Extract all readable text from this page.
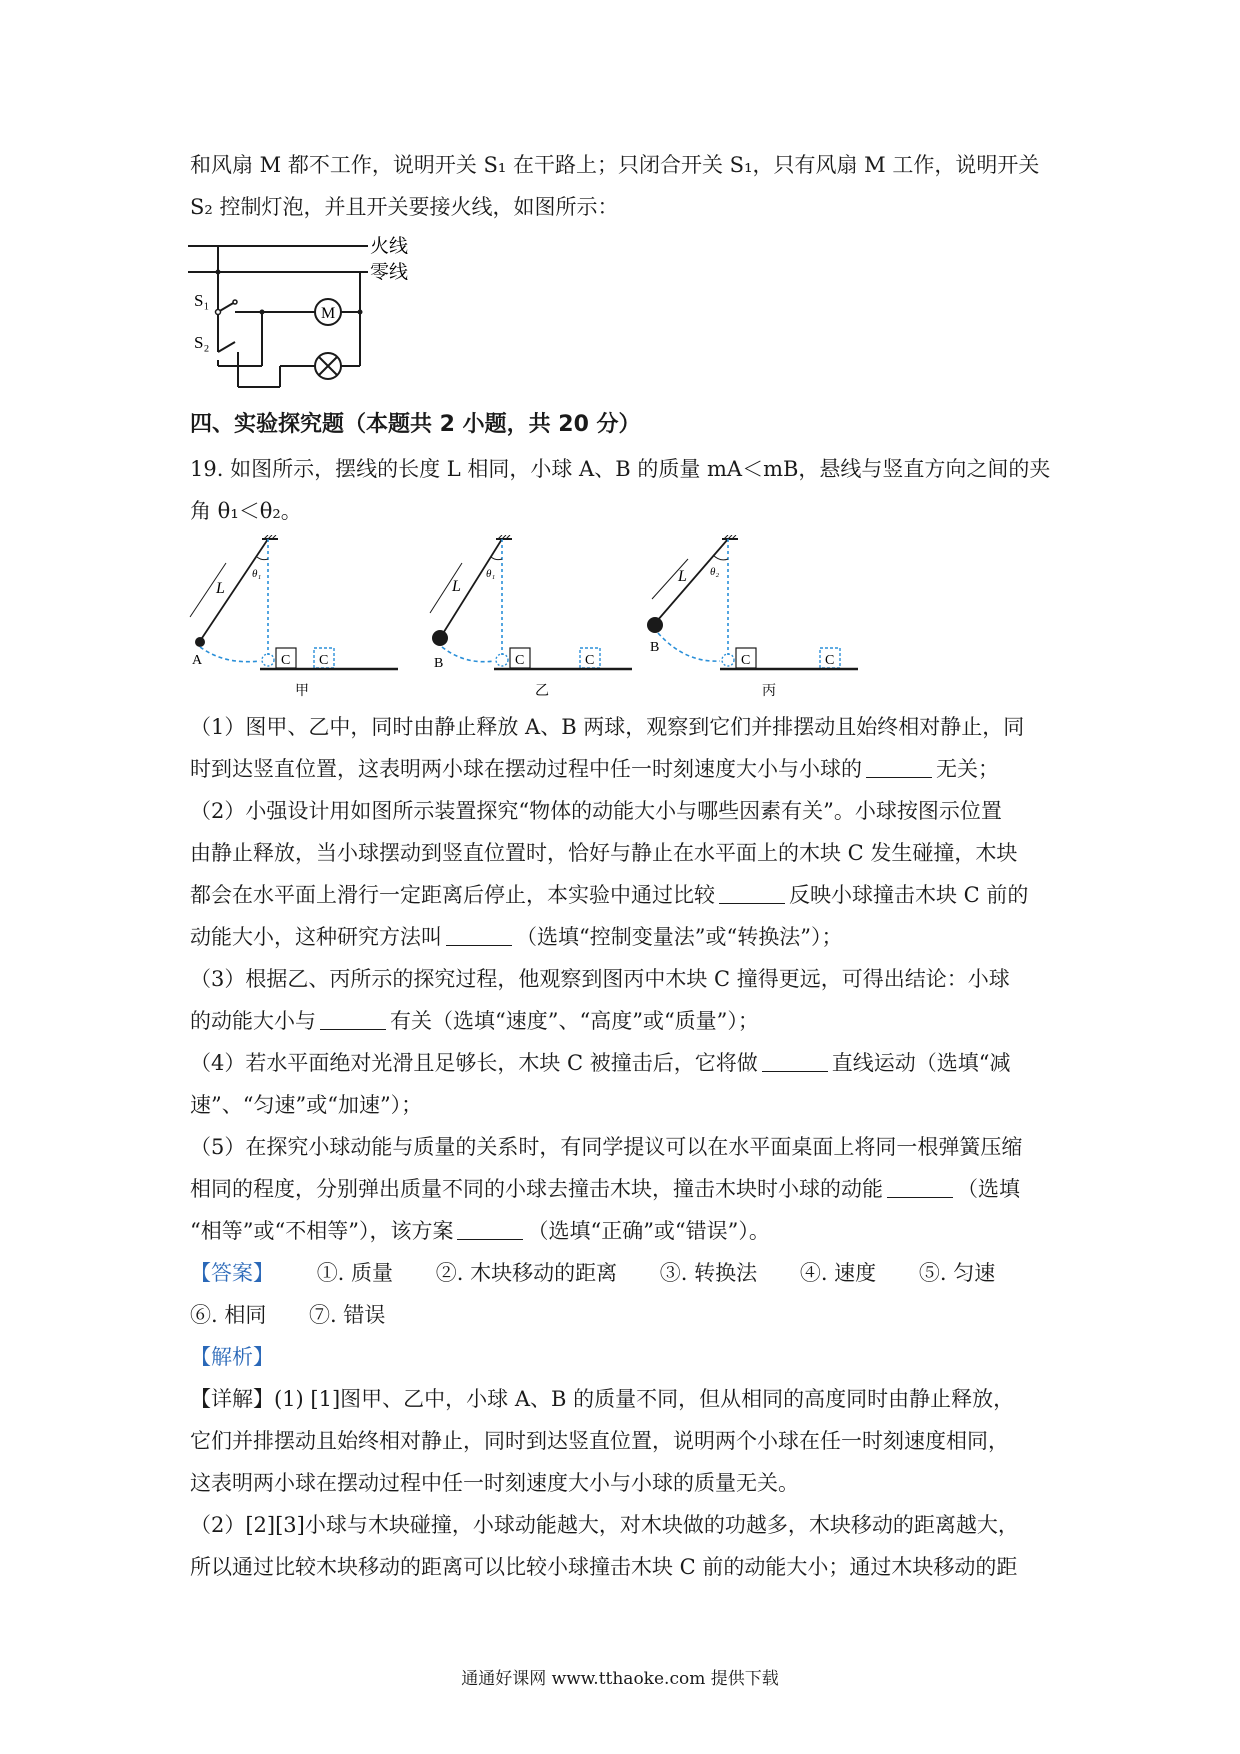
和风扇 M 都不工作，说明开关 S₁ 在干路上；只闭合开关 S₁，只有风扇 M 工作，说明开关
S₂ 控制灯泡，并且开关要接火线，如图所示：
火线
零线
S₁
S₂
M
四、实验探究题（本题共 2 小题，共 20 分）
19. 如图所示，摆线的长度 L 相同，小球 A、B 的质量 mA＜mB，悬线与竖直方向之间的夹
角 θ₁＜θ₂。
L
θ₁
A	C C
甲
L
θ₁
B	C	C
乙
L θ₂
B
C	C
丙
（1）图甲、乙中，同时由静止释放 A、B 两球，观察到它们并排摆动且始终相对静止，同
时到达竖直位置，这表明两小球在摆动过程中任一时刻速度大小与小球的	无关；
（2）小强设计用如图所示装置探究“物体的动能大小与哪些因素有关”。小球按图示位置
由静止释放，当小球摆动到竖直位置时，恰好与静止在水平面上的木块 C 发生碰撞，木块
都会在水平面上滑行一定距离后停止，本实验中通过比较	反映小球撞击木块 C 前的
动能大小，这种研究方法叫	（选填“控制变量法”或“转换法”）；
（3）根据乙、丙所示的探究过程，他观察到图丙中木块 C 撞得更远，可得出结论：小球
的动能大小与	有关（选填“速度”、“高度”或“质量”）；
（4）若水平面绝对光滑且足够长，木块 C 被撞击后，它将做	直线运动（选填“减
速”、“匀速”或“加速”）；
（5）在探究小球动能与质量的关系时，有同学提议可以在水平面桌面上将同一根弹簧压缩
相同的程度，分别弹出质量不同的小球去撞击木块，撞击木块时小球的动能	（选填
“相等”或“不相等”），该方案	（选填“正确”或“错误”）。
【答案】 ①. 质量 ②. 木块移动的距离 ③. 转换法 ④. 速度 ⑤. 匀速
⑥. 相同 ⑦. 错误
【解析】
【详解】(1) [1]图甲、乙中，小球 A、B 的质量不同，但从相同的高度同时由静止释放，
它们并排摆动且始终相对静止，同时到达竖直位置，说明两个小球在任一时刻速度相同，
这表明两小球在摆动过程中任一时刻速度大小与小球的质量无关。
（2）[2][3]小球与木块碰撞，小球动能越大，对木块做的功越多，木块移动的距离越大，
所以通过比较木块移动的距离可以比较小球撞击木块 C 前的动能大小；通过木块移动的距
通通好课网 www.tthaoke.com 提供下载
